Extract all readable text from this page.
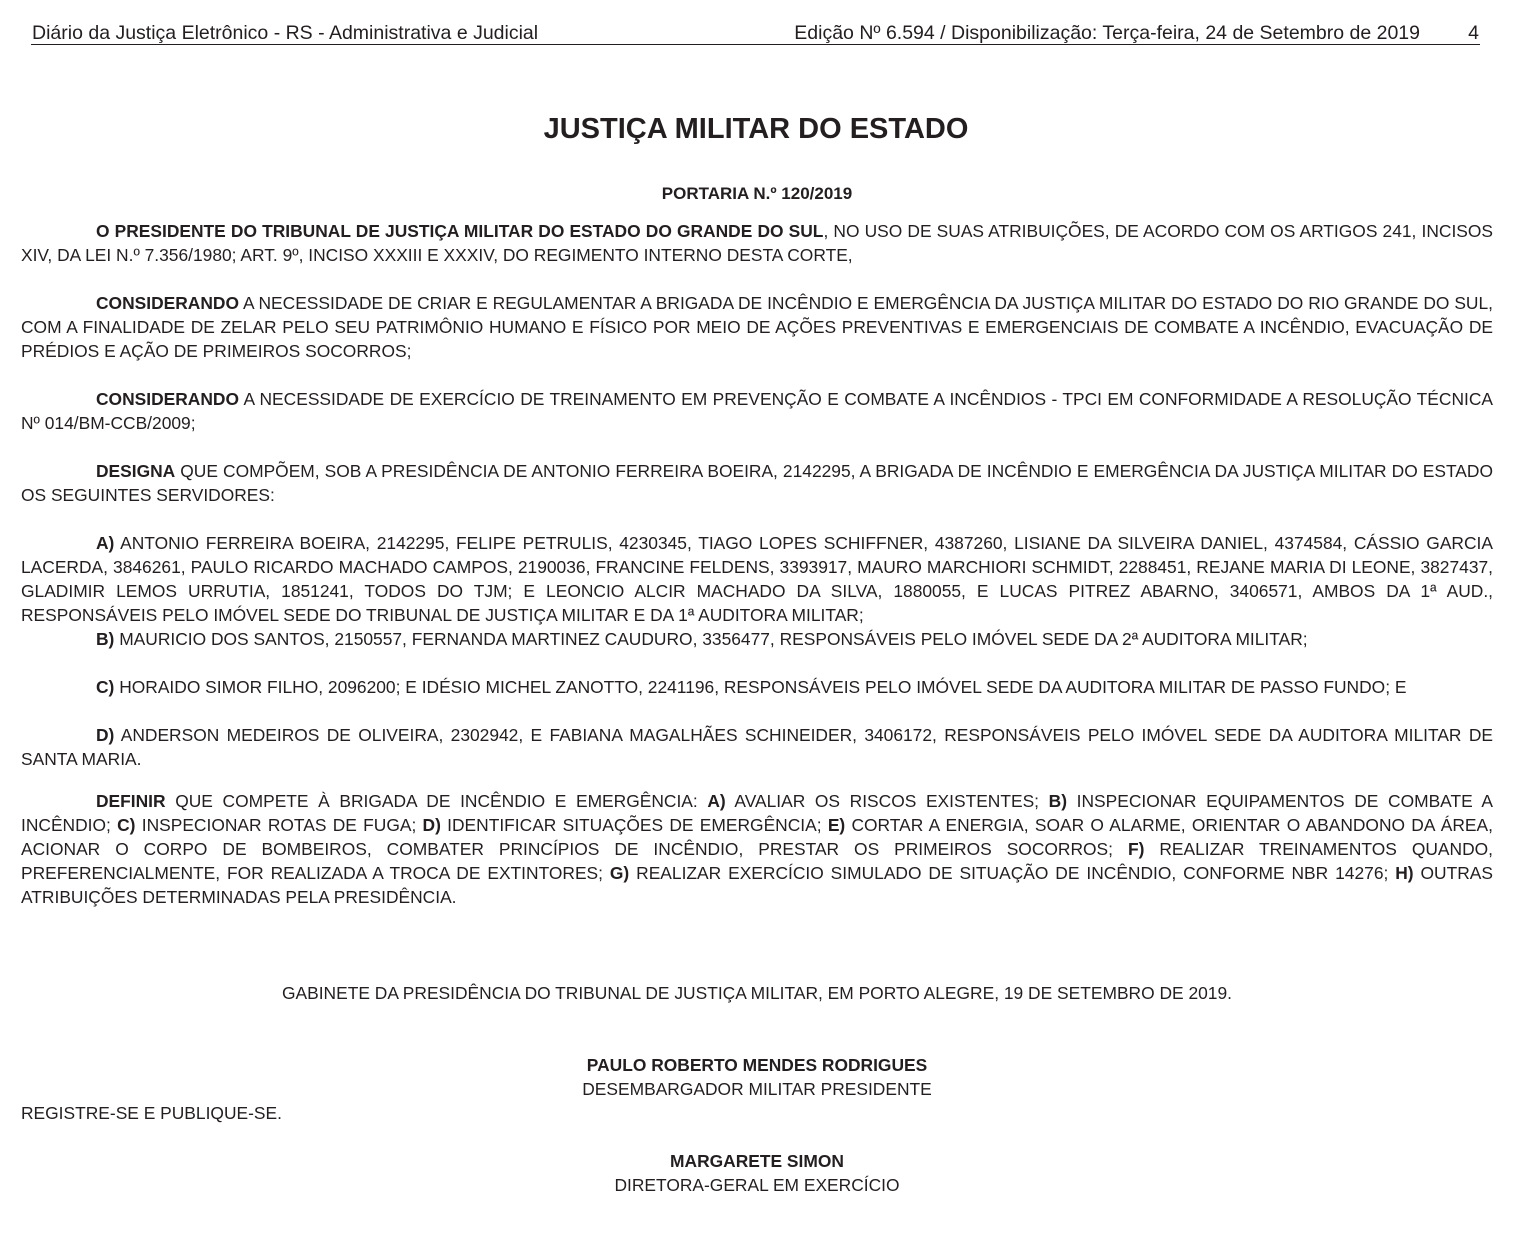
Diário da Justiça Eletrônico - RS - Administrativa e Judicial	Edição Nº 6.594 / Disponibilização: Terça-feira, 24 de Setembro de 2019 4
JUSTIÇA MILITAR DO ESTADO
PORTARIA N.º 120/2019

O PRESIDENTE DO TRIBUNAL DE JUSTIÇA MILITAR DO ESTADO DO GRANDE DO SUL, NO USO DE SUAS ATRIBUIÇÕES, DE ACORDO COM OS ARTIGOS 241, INCISOS XIV, DA LEI N.º 7.356/1980; ART. 9º, INCISO XXXIII E XXXIV, DO REGIMENTO INTERNO DESTA CORTE,

CONSIDERANDO A NECESSIDADE DE CRIAR E REGULAMENTAR A BRIGADA DE INCÊNDIO E EMERGÊNCIA DA JUSTIÇA MILITAR DO ESTADO DO RIO GRANDE DO SUL, COM A FINALIDADE DE ZELAR PELO SEU PATRIMÔNIO HUMANO E FÍSICO POR MEIO DE AÇÕES PREVENTIVAS E EMERGENCIAIS DE COMBATE A INCÊNDIO, EVACUAÇÃO DE PRÉDIOS E AÇÃO DE PRIMEIROS SOCORROS;

CONSIDERANDO A NECESSIDADE DE EXERCÍCIO DE TREINAMENTO EM PREVENÇÃO E COMBATE A INCÊNDIOS - TPCI EM CONFORMIDADE A RESOLUÇÃO TÉCNICA Nº 014/BM-CCB/2009;

DESIGNA QUE COMPÕEM, SOB A PRESIDÊNCIA DE ANTONIO FERREIRA BOEIRA, 2142295, A BRIGADA DE INCÊNDIO E EMERGÊNCIA DA JUSTIÇA MILITAR DO ESTADO OS SEGUINTES SERVIDORES:

A) ANTONIO FERREIRA BOEIRA, 2142295, FELIPE PETRULIS, 4230345, TIAGO LOPES SCHIFFNER, 4387260, LISIANE DA SILVEIRA DANIEL, 4374584, CÁSSIO GARCIA LACERDA, 3846261, PAULO RICARDO MACHADO CAMPOS, 2190036, FRANCINE FELDENS, 3393917, MAURO MARCHIORI SCHMIDT, 2288451, REJANE MARIA DI LEONE, 3827437, GLADIMIR LEMOS URRUTIA, 1851241, TODOS DO TJM; E LEONCIO ALCIR MACHADO DA SILVA, 1880055, E LUCAS PITREZ ABARNO, 3406571, AMBOS DA 1ª AUD., RESPONSÁVEIS PELO IMÓVEL SEDE DO TRIBUNAL DE JUSTIÇA MILITAR E DA 1ª AUDITORA MILITAR;

B) MAURICIO DOS SANTOS, 2150557, FERNANDA MARTINEZ CAUDURO, 3356477, RESPONSÁVEIS PELO IMÓVEL SEDE DA 2ª AUDITORA MILITAR;

C) HORAIDO SIMOR FILHO, 2096200; E IDÉSIO MICHEL ZANOTTO, 2241196, RESPONSÁVEIS PELO IMÓVEL SEDE DA AUDITORA MILITAR DE PASSO FUNDO; E

D) ANDERSON MEDEIROS DE OLIVEIRA, 2302942, E FABIANA MAGALHÃES SCHINEIDER, 3406172, RESPONSÁVEIS PELO IMÓVEL SEDE DA AUDITORA MILITAR DE SANTA MARIA.

DEFINIR QUE COMPETE À BRIGADA DE INCÊNDIO E EMERGÊNCIA: A) AVALIAR OS RISCOS EXISTENTES; B) INSPECIONAR EQUIPAMENTOS DE COMBATE A INCÊNDIO; C) INSPECIONAR ROTAS DE FUGA; D) IDENTIFICAR SITUAÇÕES DE EMERGÊNCIA; E) CORTAR A ENERGIA, SOAR O ALARME, ORIENTAR O ABANDONO DA ÁREA, ACIONAR O CORPO DE BOMBEIROS, COMBATER PRINCÍPIOS DE INCÊNDIO, PRESTAR OS PRIMEIROS SOCORROS; F) REALIZAR TREINAMENTOS QUANDO, PREFERENCIALMENTE, FOR REALIZADA A TROCA DE EXTINTORES; G) REALIZAR EXERCÍCIO SIMULADO DE SITUAÇÃO DE INCÊNDIO, CONFORME NBR 14276; H) OUTRAS ATRIBUIÇÕES DETERMINADAS PELA PRESIDÊNCIA.

GABINETE DA PRESIDÊNCIA DO TRIBUNAL DE JUSTIÇA MILITAR, EM PORTO ALEGRE, 19 DE SETEMBRO DE 2019.
PAULO ROBERTO MENDES RODRIGUES
DESEMBARGADOR MILITAR PRESIDENTE
REGISTRE-SE E PUBLIQUE-SE.
MARGARETE SIMON
DIRETORA-GERAL EM EXERCÍCIO
